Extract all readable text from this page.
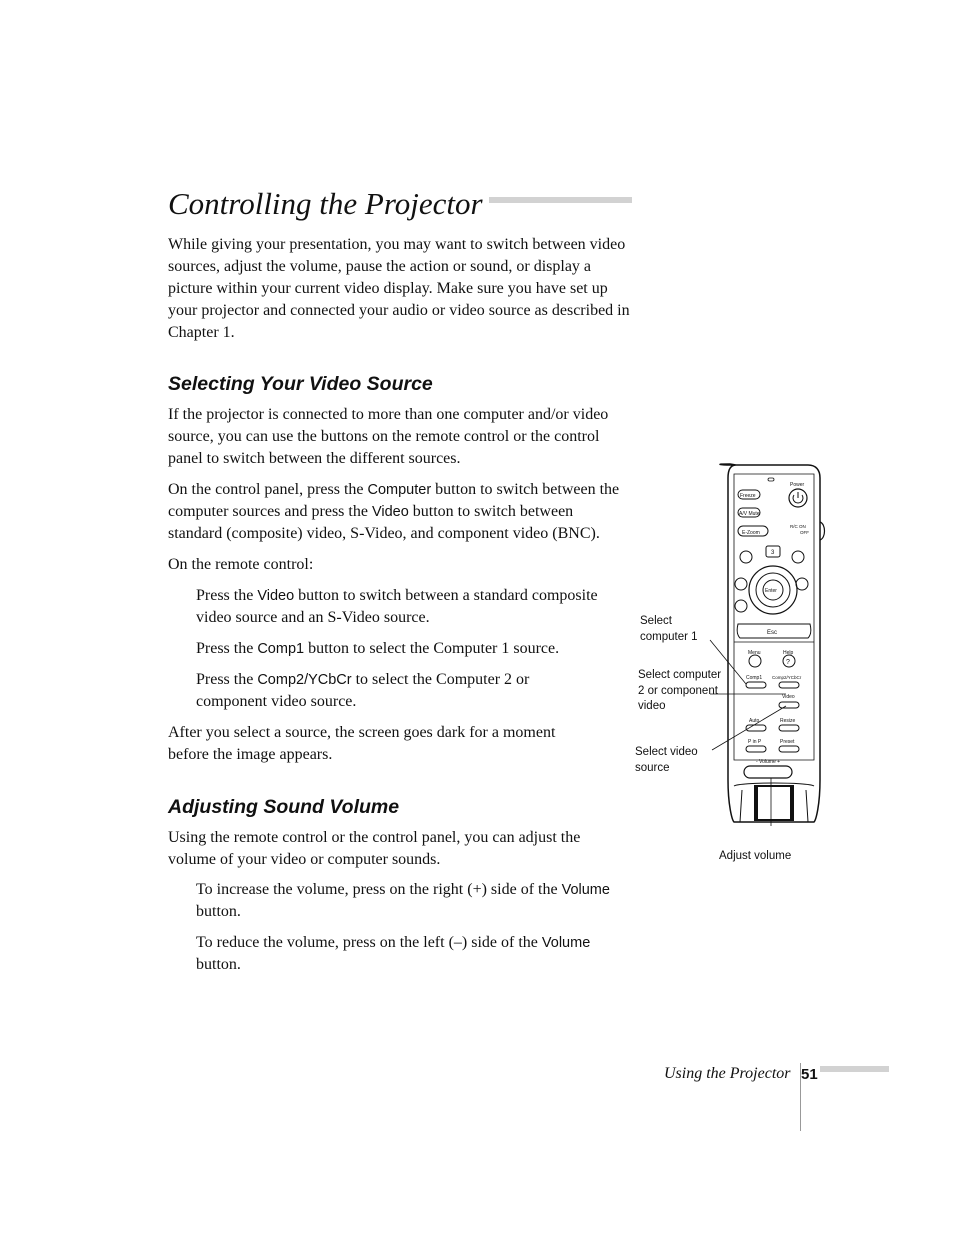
Controlling the Projector

While giving your presentation, you may want to switch between video sources, adjust the volume, pause the action or sound, or display a picture within your current video display. Make sure you have set up your projector and connected your audio or video source as described in Chapter 1.

Selecting Your Video Source

If the projector is connected to more than one computer and/or video source, you can use the buttons on the remote control or the control panel to switch between the different sources.

On the control panel, press the Computer button to switch between the computer sources and press the Video button to switch between standard (composite) video, S-Video, and component video (BNC).

On the remote control:

Press the Video button to switch between a standard composite video source and an S-Video source.

Press the Comp1 button to select the Computer 1 source.

Press the Comp2/YCbCr to select the Computer 2 or component video source.

After you select a source, the screen goes dark for a moment before the image appears.

Adjusting Sound Volume

Using the remote control or the control panel, you can adjust the volume of your video or computer sounds.

To increase the volume, press on the right (+) side of the Volume button.

To reduce the volume, press on the left (–) side of the Volume button.

Select computer 1

Select computer 2 or component video

Select video source

Adjust volume

Power
Freeze
A/V Mute
E-Zoom
R/C ON
OFF
3
Enter
Esc
Menu	Help
?
Comp1 Comp2/YCbCr
Video
Auto	Resize
P in P	Preset
- Volume +

Using the Projector 51
